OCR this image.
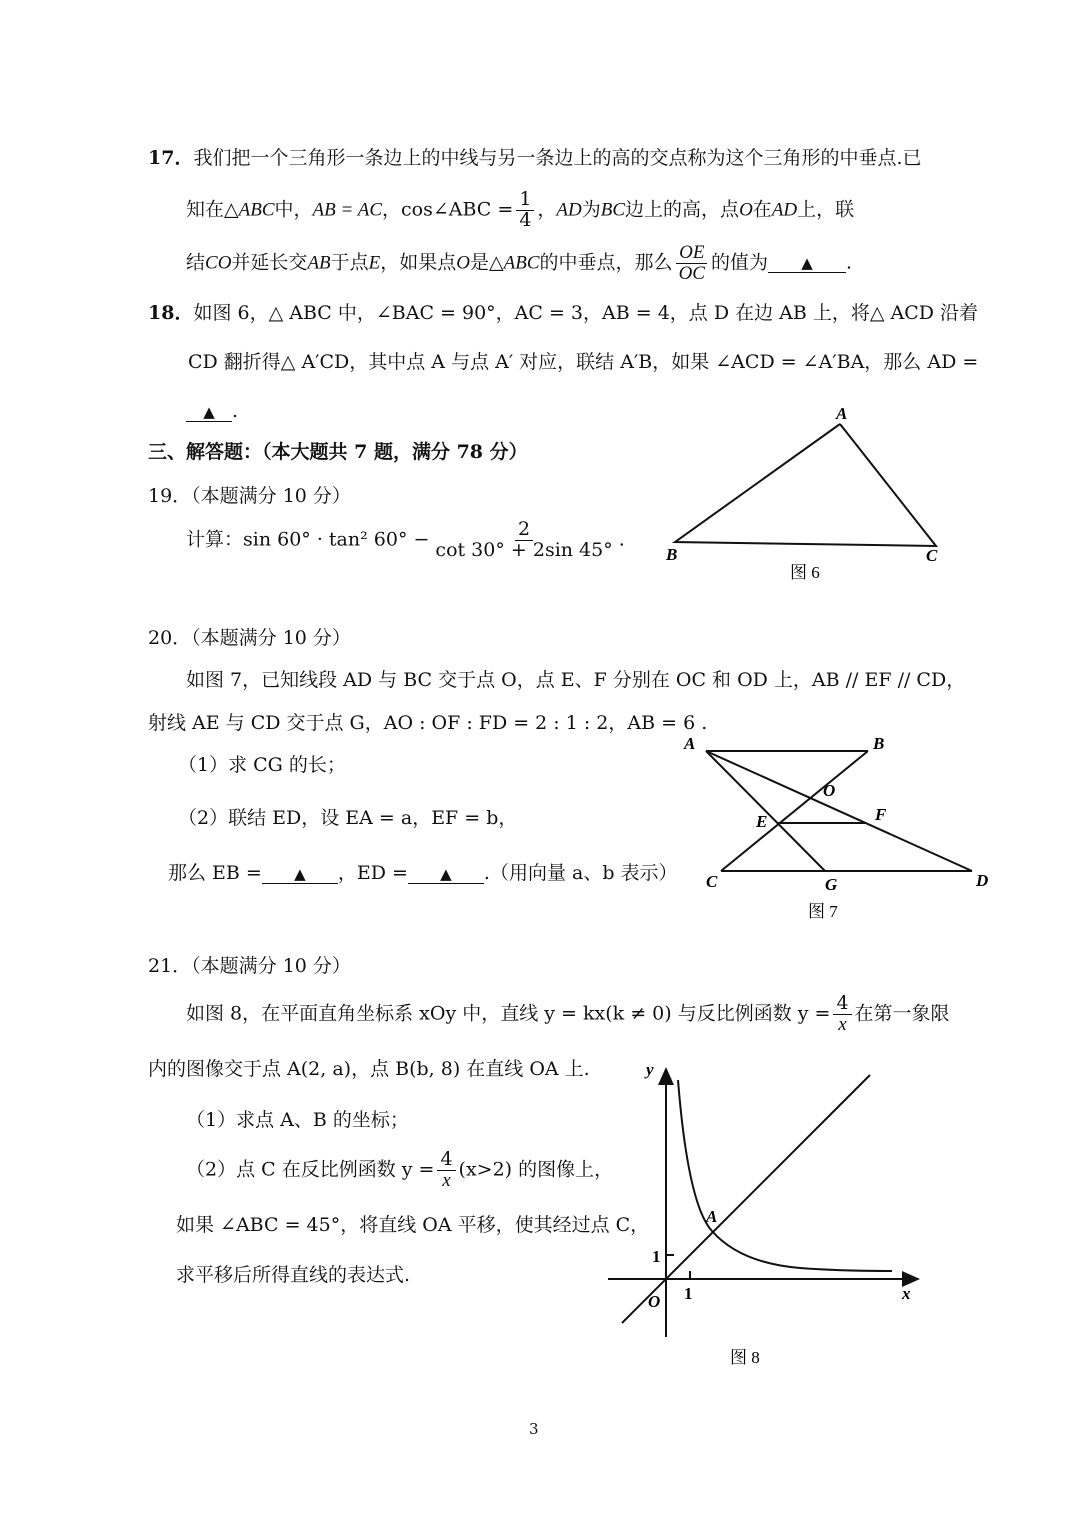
17．我们把一个三角形一条边上的中线与另一条边上的高的交点称为这个三角形的中垂点.已
知在△ABC中，AB = AC，cos∠ABC = $\frac{1}{4}$ ，AD为BC边上的高，点O在AD上，联
结CO并延长交AB于点E，如果点O是△ABC的中垂点，那么 $\frac{OE}{OC}$ 的值为 ▲ .
18．如图 6，△ ABC 中，∠BAC = 90°，AC = 3，AB = 4，点 D 在边 AB 上，将△ ACD 沿着
CD 翻折得△ A′CD，其中点 A 与点 A′ 对应，联结 A′B，如果 ∠ACD = ∠A′BA，那么 AD =
▲ .
三、解答题：（本大题共 7 题，满分 78 分）
19．（本题满分 10 分）
计算：sin 60° · tan² $60^\circ - \frac{2}{\cot 30^\circ + 2\sin 45^\circ}$ .
A
B	C
图 6
20．（本题满分 10 分）
如图 7，已知线段 AD 与 BC 交于点 O，点 E、F 分别在 OC 和 OD 上，AB // EF // CD，
射线 AE 与 CD 交于点 G，AO : OF : FD = 2 : 1 : 2，AB = 6 .
（1）求 CG 的长；
（2）联结 ED，设 EA = a，EF = b，
那么 EB = ▲ ，ED = ▲ .（用向量 a、b 表示）
A	B
O
E	F
C	G	D
图 7
21．（本题满分 10 分）
如图 8，在平面直角坐标系 xOy 中，直线 y = kx(k ≠ 0) 与反比例函数 $y = \frac{4}{x}$ 在第一象限
内的图像交于点 A(2, a)，点 B(b, 8) 在直线 OA 上.
（1）求点 A、B 的坐标；
（2）点 C 在反比例函数 $y = \frac{4}{x} (x>2)$ 的图像上，
如果 ∠ABC = 45°，将直线 OA 平移，使其经过点 C，
求平移后所得直线的表达式.
y
x
O 1
1
A
图 8
3
